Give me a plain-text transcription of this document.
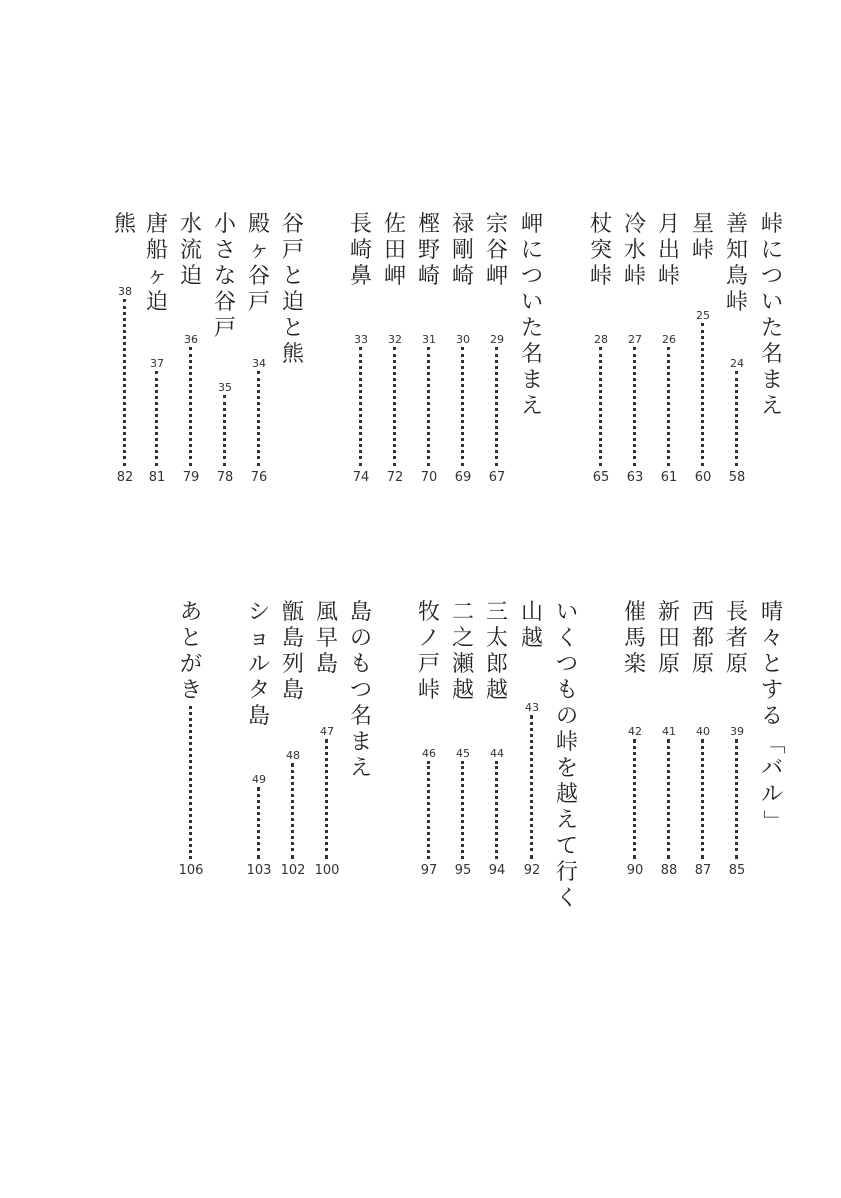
峠
に
つ
い
た
名
ま
え
善
知
鳥
峠
24
58
星
峠
25
60
月
出
峠
26
61
冷
水
峠
27
63
杖
突
峠
28
65
岬
に
つ
い
た
名
ま
え
宗
谷
岬
29
67
禄
剛
崎
30
69
樫
野
崎
31
70
佐
田
岬
32
72
長
崎
鼻
33
74
谷
戸
と
迫
と
熊
殿
ヶ
谷
戸
34
76
小
さ
な
谷
戸
35
78
水
流
迫
36
79
唐
船
ヶ
迫
37
81
熊
38
82
晴
々
と
す
る
「
バ
ル
」
長
者
原
39
85
西
都
原
40
87
新
田
原
41
88
催
馬
楽
42
90
い
く
つ
も
の
峠
を
越
え
て
行
く
山
越
43
92
三
太
郎
越
44
94
二
之
瀬
越
45
95
牧
ノ
戸
峠
46
97
島
の
も
つ
名
ま
え
風
早
島
47
100
甑
島
列
島
48
102
シ
ョ
ル
タ
島
49
103
あ
と
が
き
106
